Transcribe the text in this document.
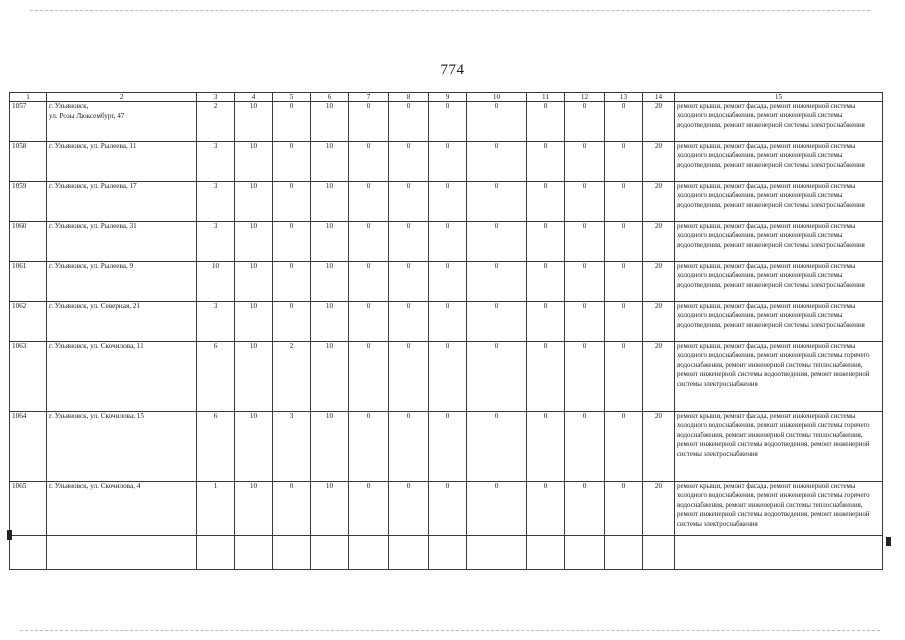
774
1	2	3	4	5	6	7	8	9	10	11	12	13	14	15
1057	г. Ульяновск,
ул. Розы Люксембург, 47	2	10	0	10	0	0	0	0	0	0	0	20	ремонт крыши, ремонт фасада, ремонт инженерной системы холодного водоснабжения, ремонт инженерной системы водоотведения, ремонт инженерной системы электроснабжения
1058	г. Ульяновск, ул. Рылеева, 11	3	10	0	10	0	0	0	0	0	0	0	20	ремонт крыши, ремонт фасада, ремонт инженерной системы холодного водоснабжения, ремонт инженерной системы водоотведения, ремонт инженерной системы электроснабжения
1059	г. Ульяновск, ул. Рылеева, 17	3	10	0	10	0	0	0	0	0	0	0	20	ремонт крыши, ремонт фасада, ремонт инженерной системы холодного водоснабжения, ремонт инженерной системы водоотведения, ремонт инженерной системы электроснабжения
1060	г. Ульяновск, ул. Рылеева, 31	3	10	0	10	0	0	0	0	0	0	0	20	ремонт крыши, ремонт фасада, ремонт инженерной системы холодного водоснабжения, ремонт инженерной системы водоотведения, ремонт инженерной системы электроснабжения
1061	г. Ульяновск, ул. Рылеева, 9	10	10	0	10	0	0	0	0	0	0	0	20	ремонт крыши, ремонт фасада, ремонт инженерной системы холодного водоснабжения, ремонт инженерной системы водоотведения, ремонт инженерной системы электроснабжения
1062	г. Ульяновск, ул. Северная, 21	3	10	0	10	0	0	0	0	0	0	0	20	ремонт крыши, ремонт фасада, ремонт инженерной системы холодного водоснабжения, ремонт инженерной системы водоотведения, ремонт инженерной системы электроснабжения
1063	г. Ульяновск, ул. Скочилова, 11	6	10	2	10	0	0	0	0	0	0	0	20	ремонт крыши, ремонт фасада, ремонт инженерной системы холодного водоснабжения, ремонт инженерной системы горячего водоснабжения, ремонт инженерной системы теплоснабжения, ремонт инженерной системы водоотведения, ремонт инженерной системы электроснабжения
1064	г. Ульяновск, ул. Скочилова, 15	6	10	3	10	0	0	0	0	0	0	0	20	ремонт крыши, ремонт фасада, ремонт инженерной системы холодного водоснабжения, ремонт инженерной системы горячего водоснабжения, ремонт инженерной системы теплоснабжения, ремонт инженерной системы водоотведения, ремонт инженерной системы электроснабжения
1065	г. Ульяновск, ул. Скочилова, 4	1	10	0	10	0	0	0	0	0	0	0	20	ремонт крыши, ремонт фасада, ремонт инженерной системы холодного водоснабжения, ремонт инженерной системы горячего водоснабжения, ремонт инженерной системы теплоснабжения, ремонт инженерной системы водоотведения, ремонт инженерной системы электроснабжения
